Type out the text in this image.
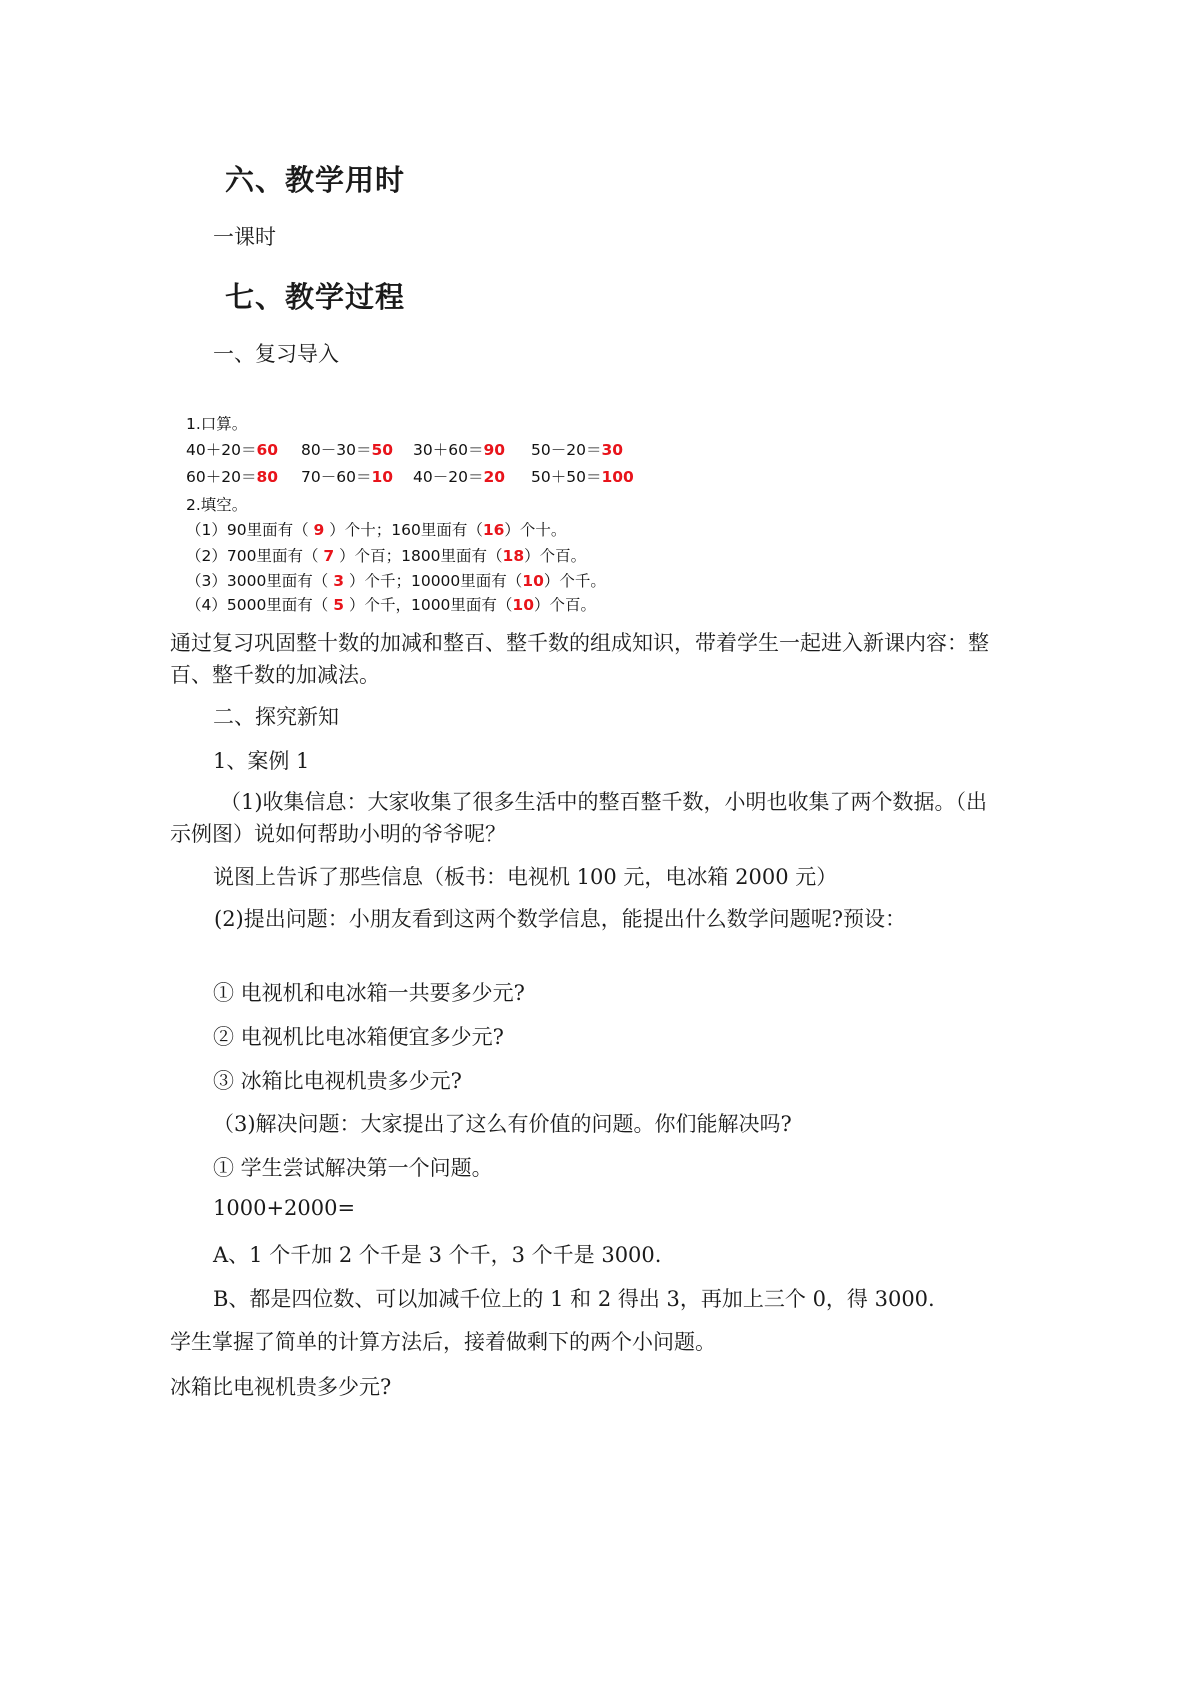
六、教学用时
一课时
七、教学过程
一、复习导入
1.口算。
40＋20＝60 80－30＝50 30＋60＝90 50－20＝30
60＋20＝80 70－60＝10 40－20＝20 50＋50＝100
2.填空。
（1）90里面有（ 9 ）个十；160里面有（16）个十。
（2）700里面有（ 7 ）个百；1800里面有（18）个百。
（3）3000里面有（ 3 ）个千；10000里面有（10）个千。
（4）5000里面有（ 5 ）个千，1000里面有（10）个百。
通过复习巩固整十数的加减和整百、整千数的组成知识，带着学生一起进入新课内容：整百、整千数的加减法。
二、探究新知
1、案例 1
（1)收集信息：大家收集了很多生活中的整百整千数，小明也收集了两个数据。（出示例图）说如何帮助小明的爷爷呢？
说图上告诉了那些信息（板书：电视机 100 元，电冰箱 2000 元）
(2)提出问题：小朋友看到这两个数学信息，能提出什么数学问题呢?预设：
① 电视机和电冰箱一共要多少元?
② 电视机比电冰箱便宜多少元?
③ 冰箱比电视机贵多少元?
（3)解决问题：大家提出了这么有价值的问题。你们能解决吗?
① 学生尝试解决第一个问题。
1000+2000=
A、1 个千加 2 个千是 3 个千，3 个千是 3000.
B、都是四位数、可以加减千位上的 1 和 2 得出 3，再加上三个 0，得 3000.
学生掌握了简单的计算方法后，接着做剩下的两个小问题。
冰箱比电视机贵多少元?
